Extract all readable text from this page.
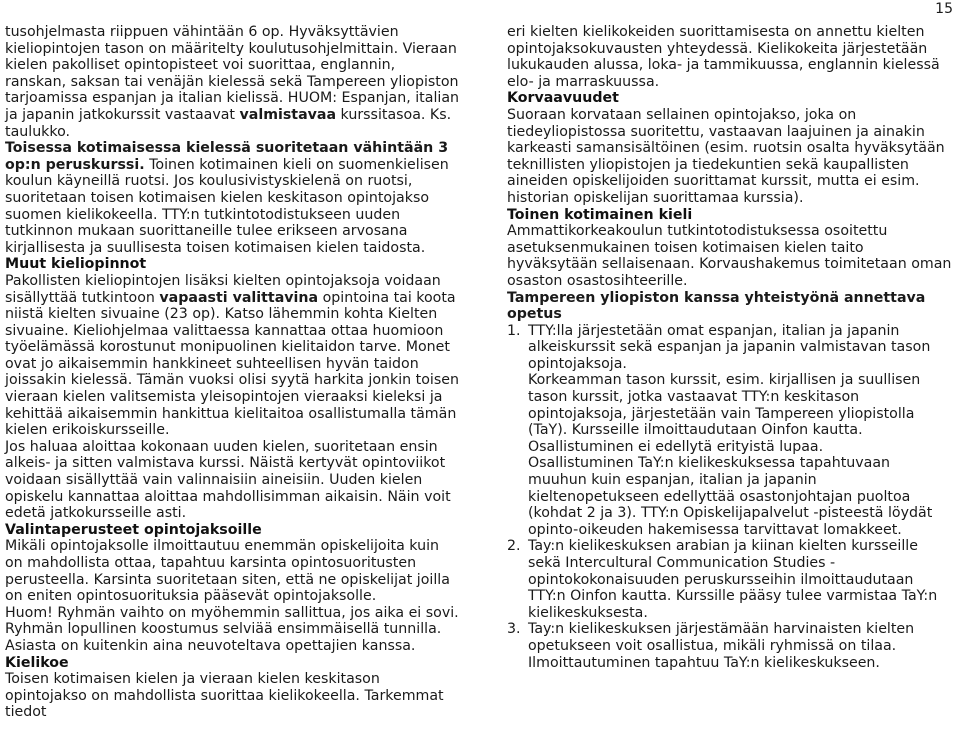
15

tusohjelmasta riippuen vähintään 6 op. Hyväksyttävien kieliopintojen tason on määritelty koulutusohjelmittain. Vieraan kielen pakolliset opintopisteet voi suorittaa, englannin, ranskan, saksan tai venäjän kielessä sekä Tampereen yliopiston tarjoamissa espanjan ja italian kielissä. HUOM: Espanjan, italian ja japanin jatkokurssit vastaavat valmistavaa kurssitasoa. Ks. taulukko.

Toisessa kotimaisessa kielessä suoritetaan vähintään 3 op:n peruskurssi. Toinen kotimainen kieli on suomenkielisen koulun käyneillä ruotsi. Jos koulusivistyskielenä on ruotsi, suoritetaan toisen kotimaisen kielen keskitason opintojakso suomen kielikokeella. TTY:n tutkintotodistukseen uuden tutkinnon mukaan suorittaneille tulee erikseen arvosana kirjallisesta ja suullisesta toisen kotimaisen kielen taidosta.

Muut kieliopinnot

Pakollisten kieliopintojen lisäksi kielten opintojaksoja voidaan sisällyttää tutkintoon vapaasti valittavina opintoina tai koota niistä kielten sivuaine (23 op). Katso lähemmin kohta Kielten sivuaine. Kieliohjelmaa valittaessa kannattaa ottaa huomioon työelämässä korostunut monipuolinen kielitaidon tarve. Monet ovat jo aikaisemmin hankkineet suhteellisen hyvän taidon joissakin kielessä. Tämän vuoksi olisi syytä harkita jonkin toisen vieraan kielen valitsemista yleisopintojen vieraaksi kieleksi ja kehittää aikaisemmin hankittua kielitaitoa osallistumalla tämän kielen erikoiskursseille.

Jos haluaa aloittaa kokonaan uuden kielen, suoritetaan ensin alkeis- ja sitten valmistava kurssi. Näistä kertyvät opintoviikot voidaan sisällyttää vain valinnaisiin aineisiin. Uuden kielen opiskelu kannattaa aloittaa mahdollisimman aikaisin. Näin voit edetä jatkokursseille asti.

Valintaperusteet opintojaksoille

Mikäli opintojaksolle ilmoittautuu enemmän opiskelijoita kuin on mahdollista ottaa, tapahtuu karsinta opintosuoritusten perusteella. Karsinta suoritetaan siten, että ne opiskelijat joilla on eniten opintosuorituksia pääsevät opintojaksolle.

Huom! Ryhmän vaihto on myöhemmin sallittua, jos aika ei sovi. Ryhmän lopullinen koostumus selviää ensimmäisellä tunnilla. Asiasta on kuitenkin aina neuvoteltava opettajien kanssa.

Kielikoe

Toisen kotimaisen kielen ja vieraan kielen keskitason opintojakso on mahdollista suorittaa kielikokeella. Tarkemmat tiedot

eri kielten kielikokeiden suorittamisesta on annettu kielten opintojaksokuvausten yhteydessä. Kielikokeita järjestetään lukukauden alussa, loka- ja tammikuussa, englannin kielessä elo- ja marraskuussa.

Korvaavuudet

Suoraan korvataan sellainen opintojakso, joka on tiedeyliopistossa suoritettu, vastaavan laajuinen ja ainakin karkeasti samansisältöinen (esim. ruotsin osalta hyväksytään teknillisten yliopistojen ja tiedekuntien sekä kaupallisten aineiden opiskelijoiden suorittamat kurssit, mutta ei esim. historian opiskelijan suorittamaa kurssia).

Toinen kotimainen kieli

Ammattikorkeakoulun tutkintotodistuksessa osoitettu asetuksenmukainen toisen kotimaisen kielen taito hyväksytään sellaisenaan. Korvaushakemus toimitetaan oman osaston osastosihteerille.

Tampereen yliopiston kanssa yhteistyönä annettava opetus

1. TTY:lla järjestetään omat espanjan, italian ja japanin alkeiskurssit sekä espanjan ja japanin valmistavan tason opintojaksoja.
Korkeamman tason kurssit, esim. kirjallisen ja suullisen tason kurssit, jotka vastaavat TTY:n keskitason opintojaksoja, järjestetään vain Tampereen yliopistolla (TaY). Kursseille ilmoittaudutaan Oinfon kautta. Osallistuminen ei edellytä erityistä lupaa.
Osallistuminen TaY:n kielikeskuksessa tapahtuvaan muuhun kuin espanjan, italian ja japanin kieltenopetukseen edellyttää osastonjohtajan puoltoa (kohdat 2 ja 3). TTY:n Opiskelijapalvelut -pisteestä löydät opinto-oikeuden hakemisessa tarvittavat lomakkeet.
2. Tay:n kielikeskuksen arabian ja kiinan kielten kursseille sekä Intercultural Communication Studies - opintokokonaisuuden peruskursseihin ilmoittaudutaan TTY:n Oinfon kautta. Kurssille pääsy tulee varmistaa TaY:n kielikeskuksesta.
3. Tay:n kielikeskuksen järjestämään harvinaisten kielten opetukseen voit osallistua, mikäli ryhmissä on tilaa. Ilmoittautuminen tapahtuu TaY:n kielikeskukseen.
